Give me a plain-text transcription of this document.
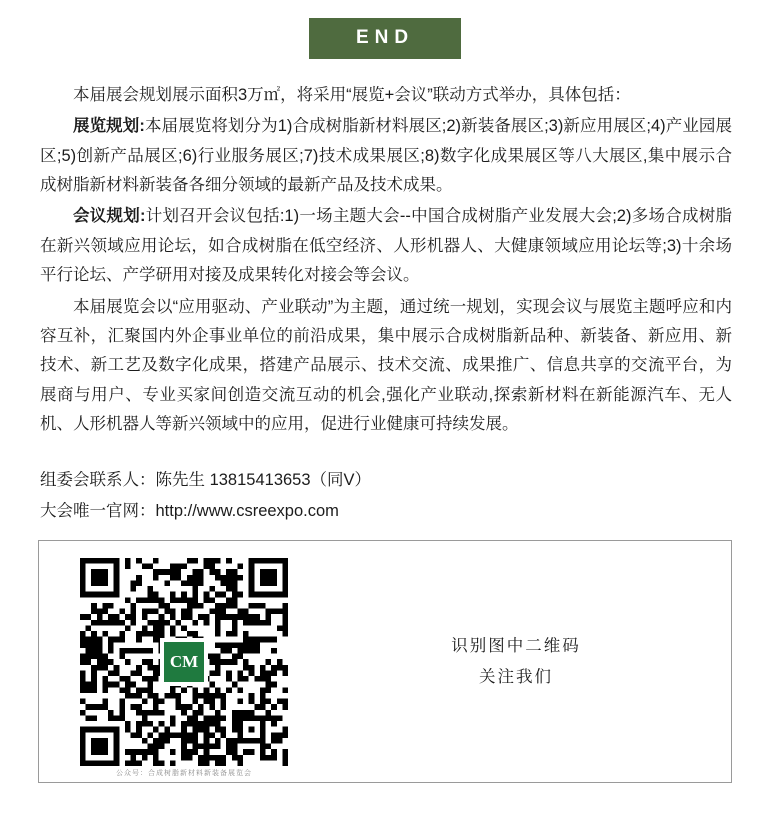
END

本届展会规划展示面积3万㎡，将采用“展览+会议”联动方式举办，具体包括：

展览规划:本届展览将划分为1)合成树脂新材料展区;2)新装备展区;3)新应用展区;4)产业园展区;5)创新产品展区;6)行业服务展区;7)技术成果展区;8)数字化成果展区等八大展区,集中展示合成树脂新材料新装备各细分领域的最新产品及技术成果。

会议规划:计划召开会议包括:1)一场主题大会--中国合成树脂产业发展大会;2)多场合成树脂在新兴领域应用论坛，如合成树脂在低空经济、人形机器人、大健康领域应用论坛等;3)十余场平行论坛、产学研用对接及成果转化对接会等会议。

本届展览会以“应用驱动、产业联动”为主题，通过统一规划，实现会议与展览主题呼应和内容互补，汇聚国内外企事业单位的前沿成果，集中展示合成树脂新品种、新装备、新应用、新技术、新工艺及数字化成果，搭建产品展示、技术交流、成果推广、信息共享的交流平台，为展商与用户、专业买家间创造交流互动的机会,强化产业联动,探索新材料在新能源汽车、无人机、人形机器人等新兴领域中的应用，促进行业健康可持续发展。

组委会联系人：陈先生 13815413653（同V）
大会唯一官网：http://www.csreexpo.com
CM
公众号：合成树脂新材料新装备展览会
识别图中二维码
关注我们
